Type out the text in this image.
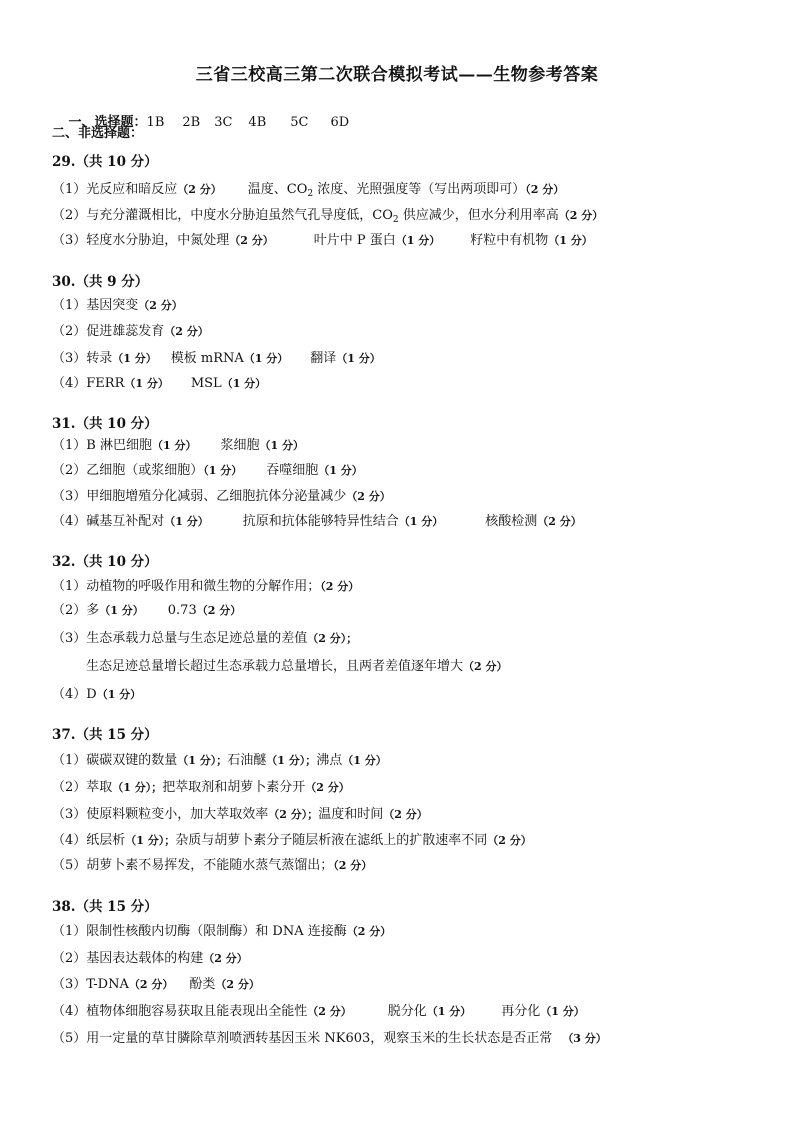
三省三校高三第二次联合模拟考试——生物参考答案

一、选择题：1B 2B 3C 4B 5C 6D

二、非选择题：
29.（共 10 分）
（1）光反应和暗反应（2 分） 温度、$CO_2$ 浓度、光照强度等（写出两项即可）（2 分）
（2）与充分灌溉相比，中度水分胁迫虽然气孔导度低，$CO_2$ 供应减少，但水分利用率高（2 分）
（3）轻度水分胁迫，中氮处理（2 分）	叶片中 P 蛋白（1 分） 籽粒中有机物（1 分）
30.（共 9 分）
（1）基因突变（2 分）
（2）促进雄蕊发育（2 分）
（3）转录（1 分） 模板 mRNA（1 分） 翻译（1 分）
（4）FERR（1 分） MSL（1 分）
31.（共 10 分）
（1）B 淋巴细胞（1 分） 浆细胞（1 分）
（2）乙细胞（或浆细胞）（1 分） 吞噬细胞（1 分）
（3）甲细胞增殖分化减弱、乙细胞抗体分泌量减少（2 分）
（4）碱基互补配对（1 分）	抗原和抗体能够特异性结合（1 分）	核酸检测（2 分）
32.（共 10 分）
（1）动植物的呼吸作用和微生物的分解作用；（2 分）
（2）多（1 分） 0.73（2 分）
（3）生态承载力总量与生态足迹总量的差值（2 分）；
生态足迹总量增长超过生态承载力总量增长，且两者差值逐年增大（2 分）
（4）D（1 分）
37.（共 15 分）
（1）碳碳双键的数量（1 分）；石油醚（1 分）；沸点（1 分）
（2）萃取（1 分）；把萃取剂和胡萝卜素分开（2 分）
（3）使原料颗粒变小，加大萃取效率（2 分）；温度和时间（2 分）
（4）纸层析（1 分）；杂质与胡萝卜素分子随层析液在滤纸上的扩散速率不同（2 分）
（5）胡萝卜素不易挥发，不能随水蒸气蒸馏出；（2 分）
38.（共 15 分）
（1）限制性核酸内切酶（限制酶）和 DNA 连接酶（2 分）
（2）基因表达载体的构建（2 分）
（3）T-DNA（2 分） 酚类（2 分）
（4）植物体细胞容易获取且能表现出全能性（2 分）	脱分化（1 分） 再分化（1 分）
（5）用一定量的草甘膦除草剂喷洒转基因玉米 NK603，观察玉米的生长状态是否正常 （3 分）
